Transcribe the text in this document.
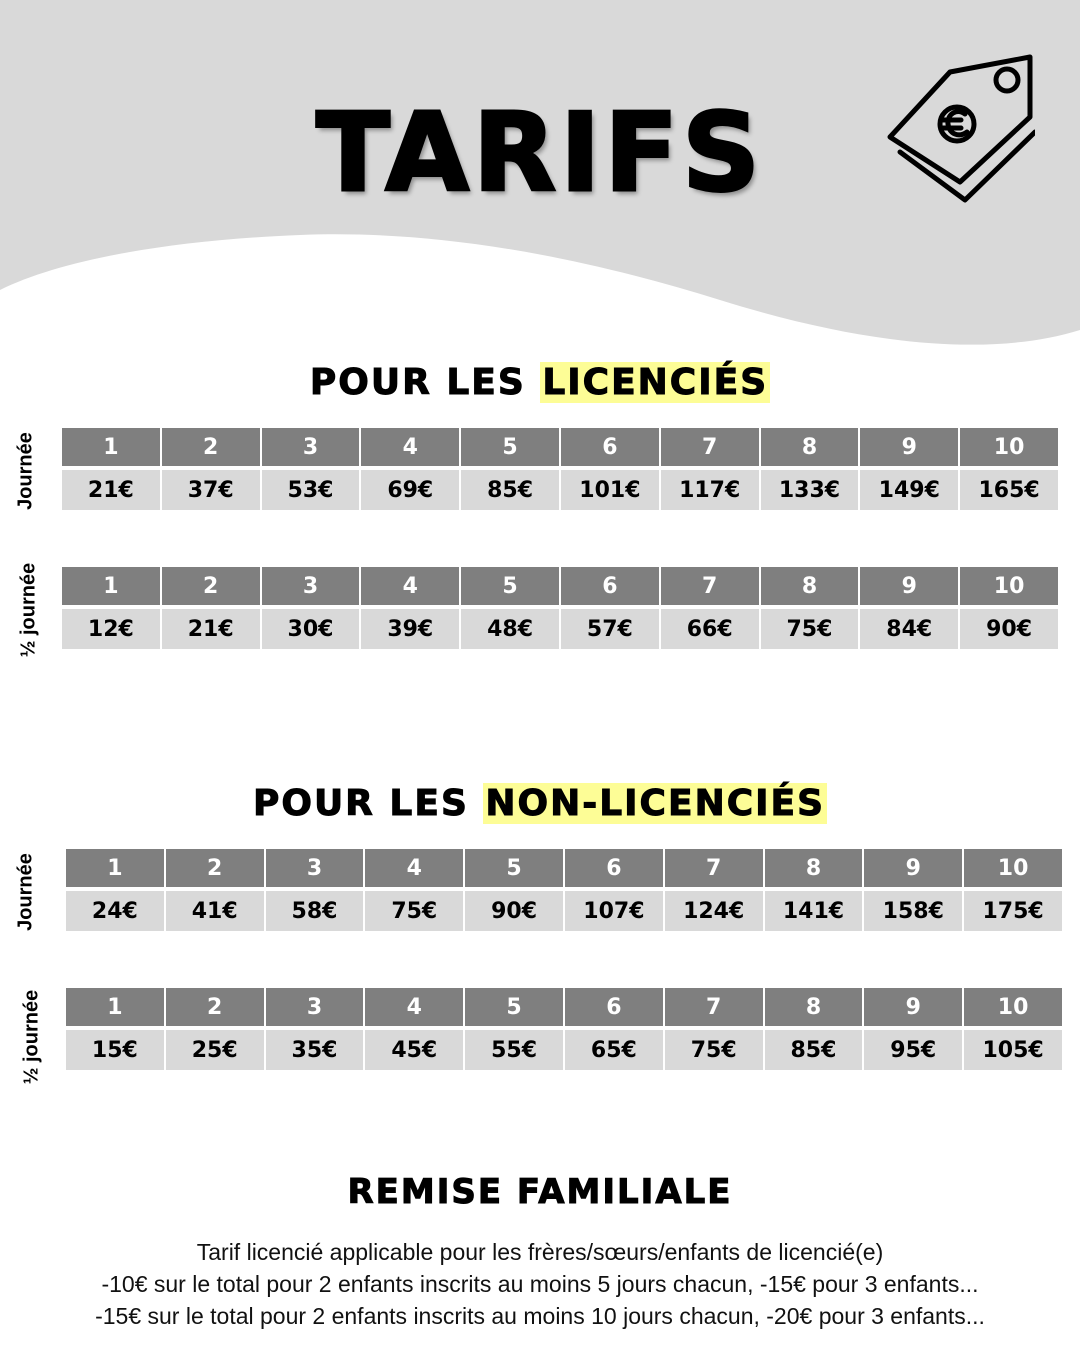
TARIFS
POUR LES LICENCIÉS
Journée	1	2	3	4	5	6	7	8	9	10
21€	37€	53€	69€	85€	101€	117€	133€	149€	165€
½ journée	1	2	3	4	5	6	7	8	9	10
12€	21€	30€	39€	48€	57€	66€	75€	84€	90€
POUR LES NON-LICENCIÉS
Journée	1	2	3	4	5	6	7	8	9	10
24€	41€	58€	75€	90€	107€	124€	141€	158€	175€
½ journée	1	2	3	4	5	6	7	8	9	10
15€	25€	35€	45€	55€	65€	75€	85€	95€	105€
REMISE FAMILIALE
Tarif licencié applicable pour les frères/sœurs/enfants de licencié(e)
-10€ sur le total pour 2 enfants inscrits au moins 5 jours chacun, -15€ pour 3 enfants...
-15€ sur le total pour 2 enfants inscrits au moins 10 jours chacun, -20€ pour 3 enfants...
